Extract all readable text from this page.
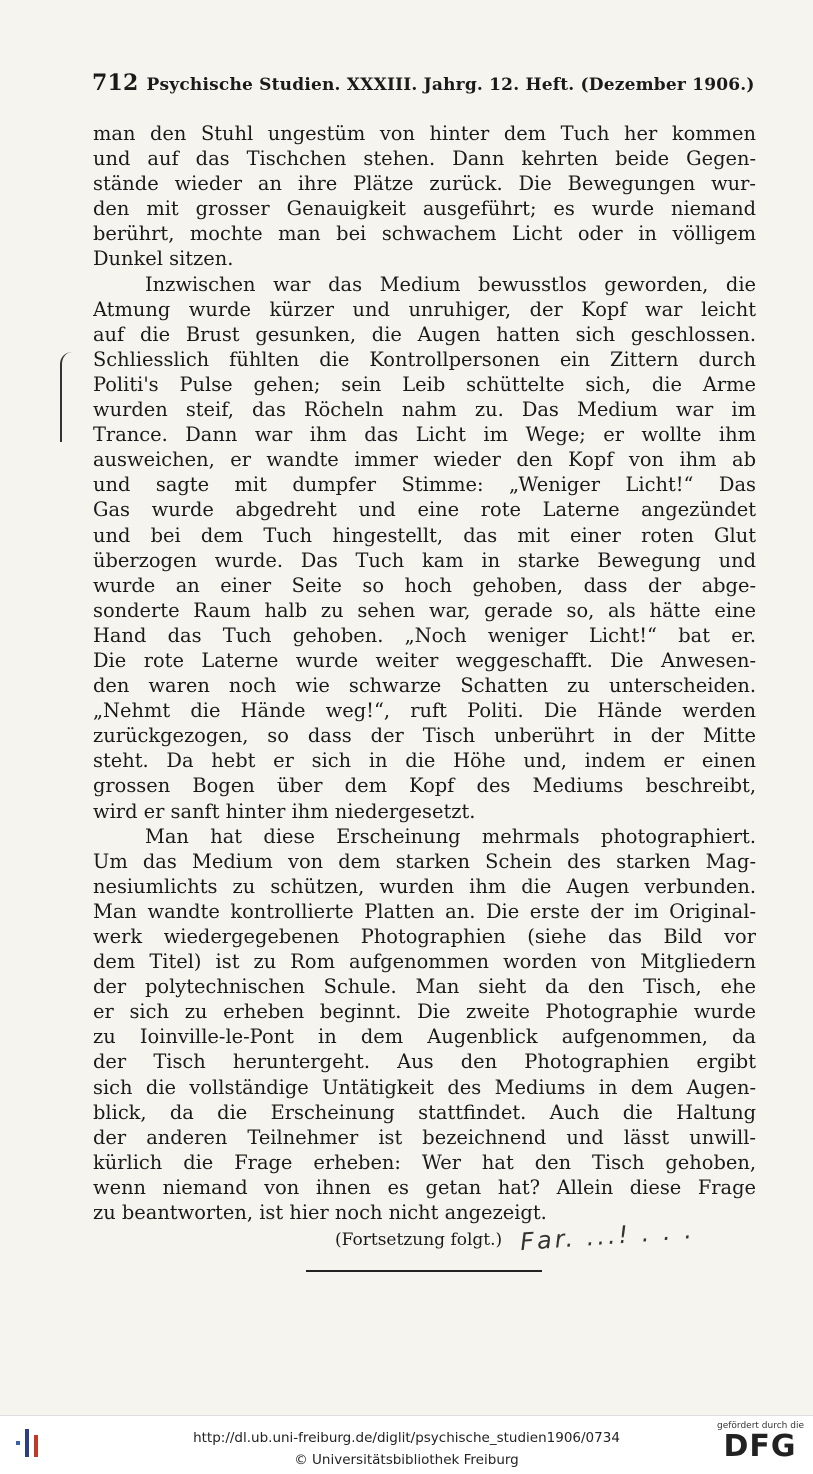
712 Psychische Studien. XXXIII. Jahrg. 12. Heft. (Dezember 1906.)
man den Stuhl ungestüm von hinter dem Tuch her kommen
und auf das Tischchen stehen. Dann kehrten beide Gegen-
stände wieder an ihre Plätze zurück. Die Bewegungen wur-
den mit grosser Genauigkeit ausgeführt; es wurde niemand
berührt, mochte man bei schwachem Licht oder in völligem
Dunkel sitzen.
Inzwischen war das Medium bewusstlos geworden, die
Atmung wurde kürzer und unruhiger, der Kopf war leicht
auf die Brust gesunken, die Augen hatten sich geschlossen.
Schliesslich fühlten die Kontrollpersonen ein Zittern durch
Politi's Pulse gehen; sein Leib schüttelte sich, die Arme
wurden steif, das Röcheln nahm zu. Das Medium war im
Trance. Dann war ihm das Licht im Wege; er wollte ihm
ausweichen, er wandte immer wieder den Kopf von ihm ab
und sagte mit dumpfer Stimme: „Weniger Licht!“ Das
Gas wurde abgedreht und eine rote Laterne angezündet
und bei dem Tuch hingestellt, das mit einer roten Glut
überzogen wurde. Das Tuch kam in starke Bewegung und
wurde an einer Seite so hoch gehoben, dass der abge-
sonderte Raum halb zu sehen war, gerade so, als hätte eine
Hand das Tuch gehoben. „Noch weniger Licht!“ bat er.
Die rote Laterne wurde weiter weggeschafft. Die Anwesen-
den waren noch wie schwarze Schatten zu unterscheiden.
„Nehmt die Hände weg!“, ruft Politi. Die Hände werden
zurückgezogen, so dass der Tisch unberührt in der Mitte
steht. Da hebt er sich in die Höhe und, indem er einen
grossen Bogen über dem Kopf des Mediums beschreibt,
wird er sanft hinter ihm niedergesetzt.
Man hat diese Erscheinung mehrmals photographiert.
Um das Medium von dem starken Schein des starken Mag-
nesiumlichts zu schützen, wurden ihm die Augen verbunden.
Man wandte kontrollierte Platten an. Die erste der im Original-
werk wiedergegebenen Photographien (siehe das Bild vor
dem Titel) ist zu Rom aufgenommen worden von Mitgliedern
der polytechnischen Schule. Man sieht da den Tisch, ehe
er sich zu erheben beginnt. Die zweite Photographie wurde
zu Ioinville-le-Pont in dem Augenblick aufgenommen, da
der Tisch heruntergeht. Aus den Photographien ergibt
sich die vollständige Untätigkeit des Mediums in dem Augen-
blick, da die Erscheinung stattfindet. Auch die Haltung
der anderen Teilnehmer ist bezeichnend und lässt unwill-
kürlich die Frage erheben: Wer hat den Tisch gehoben,
wenn niemand von ihnen es getan hat? Allein diese Frage
zu beantworten, ist hier noch nicht angezeigt.
(Fortsetzung folgt.) Far. ...! . . .
http://dl.ub.uni-freiburg.de/diglit/psychische_studien1906/0734
© Universitätsbibliothek Freiburg
gefördert durch die
DFG
